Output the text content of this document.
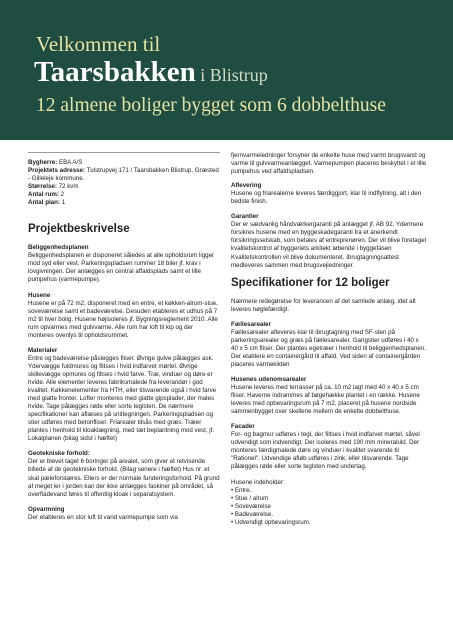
Velkommen til
Taarsbakken i Blistrup
12 almene boliger bygget som 6 dobbelthuse
Bygherre: EBA A/S
Projektets adresse: Tulstrupvej 171 / Taarsbakken Blistrup, Græsted - Gilleleje kommune.
Størrelse: 72 kvm
Antal rum: 2
Antal plan: 1
Projektbeskrivelse
Beliggenhedsplanen
Beliggenhedsplanen er disponeret således at alle opholdsrum ligger mod syd eller vest. Parkeringspladsen rummer 18 biler jf. krav i lovgivningen. Der anlægges en central affaldsplads samt et lille pumpehus (varmepumpe).
Husene
Husene er på 72 m2, disponeret med en entre, et køkken-alrum-stue, soveværelse samt et badeværelse. Desuden etableres et udhus på 7 m2 til hver bolig. Husene højisoleres jf. Bygningsreglement 2010. Alle rum opvarmes med gulvvarme. Alle rum har loft til kip og der monteres ovenlys til opholdsrummet.
Materialer
Entre og badeværelse påslegges fliser. Øvrige gulve pålægges ask. Ydervægge fuldmures og filtses i hvid indfarvet mørtel. Øvrige skillevægge opmures og filtses i hvid farve. Træ, vinduer og døre er hvide. Alle elementer leveres fabriksmalede fra leverandør i god kvalitet. Køkkenelementer fra HTH, eller tilsvarende også i hvid farve med glatte fronter. Lofter monteres med glatte gipsplader, der males hvide. Tage pålægges røde eller sorte teglsten. De nærmere specifikationer kan aflæses på snittegningen. Parkeringspladsen og stier udføres med betonfliser. Friarealer tilsås med græs. Træer plantes i henhold til kloaklægning, med tæt beplantning mod vest, jf. Lokalplanen (bilag sidst i hæftet)
Geotekniske forhold:
Der er blevet taget 6 boringer på arealet, som giver et retvisende billede af de geotekniske forhold. (Bilag senere i hæftet) Hus nr. et skal pæleforstæres. Ellers er der normale funderingsforhold. På grund af meget ler i jorden kan der ikke anlægges faskiner på området, så overfladevand føres til offentlig kloak i separatsystem.
Opvarmning
Der etableres en stor luft til vand varmepumpe som via
fjernvarmeledninger forsyner de enkelte huse med varmt brugsvand og varme til gulvvarmeanlægget. Varmepumpen placeres beskyttet i et lille pumpehus ved affaldspladsen.
Aflevering
Husene og friarealerne leveres færdiggjort, klar til indflytning, alt i den bedste finish.
Garantier
Der er sædvanlig håndværkergaranti på anlægget jf. AB 92. Ydermere forsikres husene med en byggeskadegaranti fra et anerkendt forsikringsselskab, som betales af entreprenøren. Der vil blive foretaget kvalitetskontrol af byggeriets arkitekt løbende i byggefasen Kvalitetskontrollen vil blive dokumenteret. Ibrugtagningsattest medleveres sammen med brugsvejledninger.
Specifikationer for 12 boliger
Nærmere redegørelse for leverancen af det samlede anlæg, idet alt leveres nøglefærdigt.
Fællesarealer
Fællesarealer afleveres klar til ibrugtagning med SF-sten på parkeringsarealer og græs på fællesarealer. Gangstier udføres i 40 x 40 x 5 cm fliser. Der plantes egetræer i henhold til beliggenhedsplanen. Der etablere en containergård til affald. Ved siden af containergården placeres varmekilden
Husenes udenomsarealer
Husene leveres med terrasser på ca. 10 m2 lagt med 40 x 40 x 5 cm fliser. Haverne indrammes af bøgehække plantet i en række. Husene leveres med opbevaringsrum på 7 m2, placeret på husene nordside sammenbygget over skellene mellem de enkelte dobbelthuse.
Facader
For- og bagmur udføres i tegl, der filtses i hvid indfarvet mørtel, såvel udvendigt som indvendigt. Der isoleres med 190 mm mineraluld. Der monteres færdigmalede døre og vinduer i kvalitet svarende til "Rationel". Udvendige afløb udføres i zink, eller tilsvarende. Tage pålægges røde eller sorte teglsten med undertag.
Husene indeholder:
• Entre.
• Stue / alrum
• Soveværelse
• Badeværelse.
• Udvendigt opbevaringsrum.
